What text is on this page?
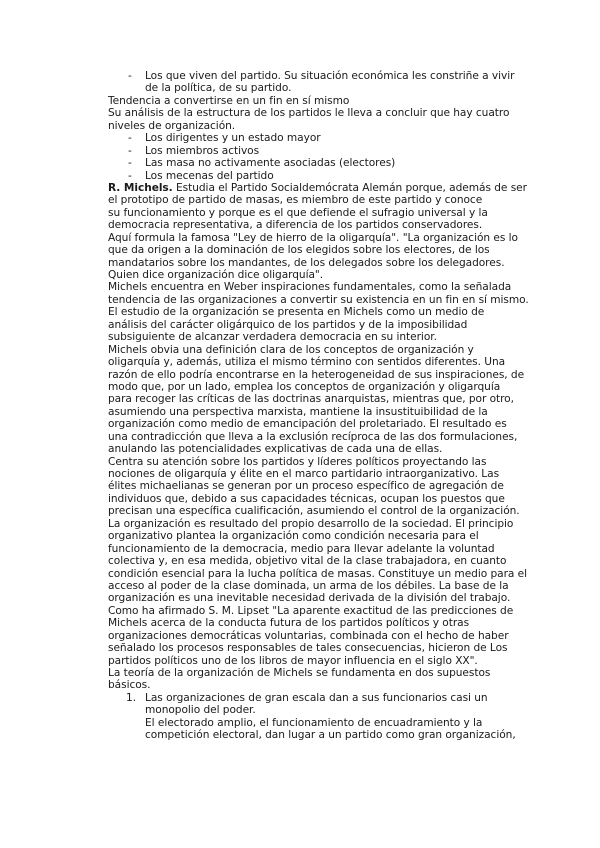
- Los que viven del partido. Su situación económica les constriñe a vivir
de la política, de su partido.
Tendencia a convertirse en un fin en sí mismo
Su análisis de la estructura de los partidos le lleva a concluir que hay cuatro
niveles de organización.
- Los dirigentes y un estado mayor
- Los miembros activos
- Las masa no activamente asociadas (electores)
- Los mecenas del partido
R. Michels. Estudia el Partido Socialdemócrata Alemán porque, además de ser
el prototipo de partido de masas, es miembro de este partido y conoce
su funcionamiento y porque es el que defiende el sufragio universal y la
democracia representativa, a diferencia de los partidos conservadores.
Aquí formula la famosa "Ley de hierro de la oligarquía". "La organización es lo
que da origen a la dominación de los elegidos sobre los electores, de los
mandatarios sobre los mandantes, de los delegados sobre los delegadores.
Quien dice organización dice oligarquía".
Michels encuentra en Weber inspiraciones fundamentales, como la señalada
tendencia de las organizaciones a convertir su existencia en un fin en sí mismo.
El estudio de la organización se presenta en Michels como un medio de
análisis del carácter oligárquico de los partidos y de la imposibilidad
subsiguiente de alcanzar verdadera democracia en su interior.
Michels obvia una definición clara de los conceptos de organización y
oligarquía y, además, utiliza el mismo término con sentidos diferentes. Una
razón de ello podría encontrarse en la heterogeneidad de sus inspiraciones, de
modo que, por un lado, emplea los conceptos de organización y oligarquía
para recoger las críticas de las doctrinas anarquistas, mientras que, por otro,
asumiendo una perspectiva marxista, mantiene la insustituibilidad de la
organización como medio de emancipación del proletariado. El resultado es
una contradicción que lleva a la exclusión recíproca de las dos formulaciones,
anulando las potencialidades explicativas de cada una de ellas.
Centra su atención sobre los partidos y líderes políticos proyectando las
nociones de oligarquía y élite en el marco partidario intraorganizativo. Las
élites michaelianas se generan por un proceso específico de agregación de
individuos que, debido a sus capacidades técnicas, ocupan los puestos que
precisan una específica cualificación, asumiendo el control de la organización.
La organización es resultado del propio desarrollo de la sociedad. El principio
organizativo plantea la organización como condición necesaria para el
funcionamiento de la democracia, medio para llevar adelante la voluntad
colectiva y, en esa medida, objetivo vital de la clase trabajadora, en cuanto
condición esencial para la lucha política de masas. Constituye un medio para el
acceso al poder de la clase dominada, un arma de los débiles. La base de la
organización es una inevitable necesidad derivada de la división del trabajo.
Como ha afirmado S. M. Lipset "La aparente exactitud de las predicciones de
Michels acerca de la conducta futura de los partidos políticos y otras
organizaciones democráticas voluntarias, combinada con el hecho de haber
señalado los procesos responsables de tales consecuencias, hicieron de Los
partidos políticos uno de los libros de mayor influencia en el siglo XX".
La teoría de la organización de Michels se fundamenta en dos supuestos
básicos.
1. Las organizaciones de gran escala dan a sus funcionarios casi un
monopolio del poder.
El electorado amplio, el funcionamiento de encuadramiento y la
competición electoral, dan lugar a un partido como gran organización,
